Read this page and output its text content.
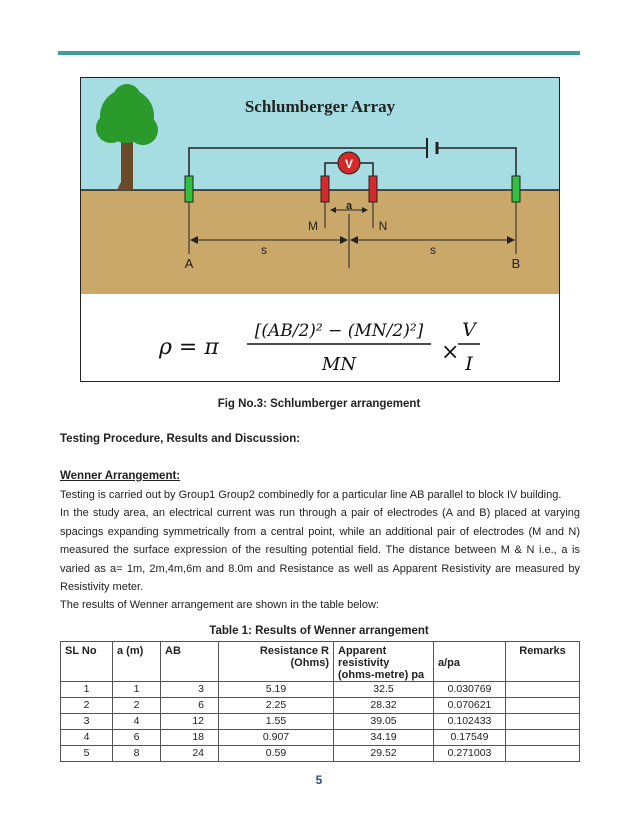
Schlumberger Array
V
a
M	N
s	s
A	B
ρ = π
[(AB/2)² − (MN/2)²]
MN	×
V
I
Fig No.3: Schlumberger arrangement
Testing Procedure, Results and Discussion:
Wenner Arrangement:

Testing is carried out by Group1 Group2 combinedly for a particular line AB parallel to block IV building.

In the study area, an electrical current was run through a pair of electrodes (A and B) placed at varying spacings expanding symmetrically from a central point, while an additional pair of electrodes (M and N) measured the surface expression of the resulting potential field. The distance between M & N i.e., a is varied as a= 1m, 2m,4m,6m and 8.0m and Resistance as well as Apparent Resistivity are measured by Resistivity meter.

The results of Wenner arrangement are shown in the table below:

Table 1: Results of Wenner arrangement
SL No	a (m)	AB	Resistance R (Ohms)	Apparent resistivity (ohms-metre) pa	a/pa	Remarks
1	1	3	5.19	32.5	0.030769	
2	2	6	2.25	28.32	0.070621	
3	4	12	1.55	39.05	0.102433	
4	6	18	0.907	34.19	0.17549	
5	8	24	0.59	29.52	0.271003	
5
